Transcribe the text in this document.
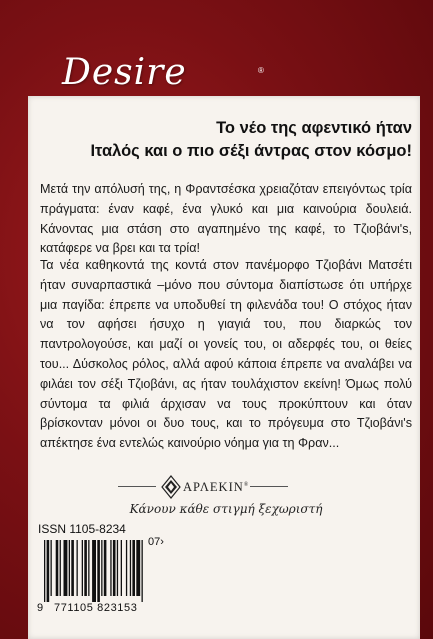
Desire	®
Το νέο της αφεντικό ήταν
Ιταλός και ο πιο σέξι άντρας στον κόσμο!
Μετά την απόλυσή της, η Φραντσέσκα χρειαζόταν επειγόντως τρία πράγματα: έναν καφέ, ένα γλυκό και μια καινούρια δουλειά. Κάνοντας μια στάση στο αγαπημένο της καφέ, το Τζιοβάνι's, κατάφερε να βρει και τα τρία!
Τα νέα καθηκοντά της κοντά στον πανέμορφο Τζιοβάνι Ματσέτι ήταν συναρπαστικά –μόνο που σύντομα διαπίστωσε ότι υπήρχε μια παγίδα: έπρεπε να υποδυθεί τη φιλενάδα του! Ο στόχος ήταν να τον αφήσει ήσυχο η γιαγιά του, που διαρκώς τον παντρολογούσε, και μαζί οι γονείς του, οι αδερφές του, οι θείες του... Δύσκολος ρόλος, αλλά αφού κάποια έπρεπε να αναλάβει να φιλάει τον σέξι Τζιοβάνι, ας ήταν τουλάχιστον εκείνη! Όμως πολύ σύντομα τα φιλιά άρχισαν να τους προκύπτουν και όταν βρίσκονταν μόνοι οι δυο τους, και το πρόγευμα στο Τζιοβάνι's απέκτησε ένα εντελώς καινούριο νόημα για τη Φραν...
ΑΡΛΕΚΙΝ®
Κάνουν κάθε στιγμή ξεχωριστή
ISSN 1105-8234
9 771105 823153
07›
